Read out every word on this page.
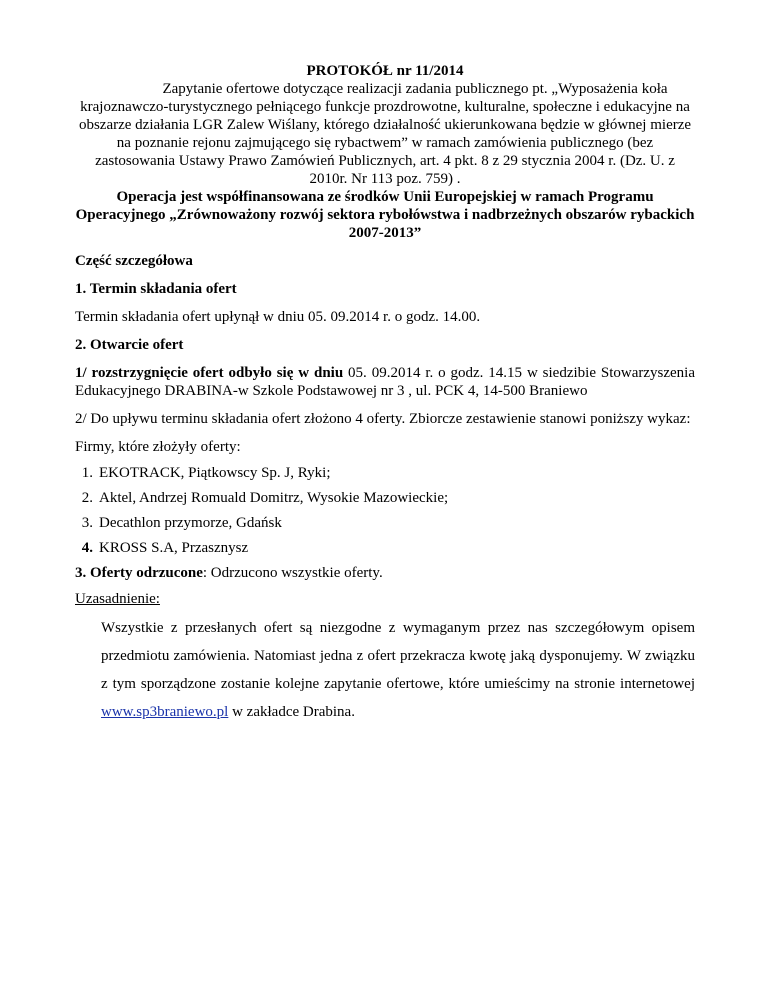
PROTOKÓŁ nr 11/2014

Zapytanie ofertowe dotyczące realizacji zadania publicznego pt. „Wyposażenia koła krajoznawczo-turystycznego pełniącego funkcje prozdrowotne, kulturalne, społeczne i edukacyjne na obszarze działania LGR Zalew Wiślany, którego działalność ukierunkowana będzie w głównej mierze na poznanie rejonu zajmującego się rybactwem” w ramach zamówienia publicznego (bez zastosowania Ustawy Prawo Zamówień Publicznych, art. 4 pkt. 8 z 29 stycznia 2004 r. (Dz. U. z 2010r. Nr 113 poz. 759) .

Operacja jest współfinansowana ze środków Unii Europejskiej w ramach Programu Operacyjnego „Zrównoważony rozwój sektora rybołówstwa i nadbrzeżnych obszarów rybackich 2007-2013”

Część szczegółowa

1. Termin składania ofert

Termin składania ofert upłynął w dniu 05. 09.2014 r. o godz. 14.00.

2. Otwarcie ofert

1/ rozstrzygnięcie ofert odbyło się w dniu 05. 09.2014 r. o godz. 14.15 w siedzibie Stowarzyszenia Edukacyjnego DRABINA-w Szkole Podstawowej nr 3 , ul. PCK 4, 14-500 Braniewo

2/ Do upływu terminu składania ofert złożono 4 oferty. Zbiorcze zestawienie stanowi poniższy wykaz:

Firmy, które złożyły oferty:

1. EKOTRACK, Piątkowscy Sp. J, Ryki;
2. Aktel, Andrzej Romuald Domitrz, Wysokie Mazowieckie;
3. Decathlon przymorze, Gdańsk
4. KROSS S.A, Przasznysz

3. Oferty odrzucone: Odrzucono wszystkie oferty.

Uzasadnienie:

Wszystkie z przesłanych ofert są niezgodne z wymaganym przez nas szczegółowym opisem przedmiotu zamówienia. Natomiast jedna z ofert przekracza kwotę jaką dysponujemy. W związku z tym sporządzone zostanie kolejne zapytanie ofertowe, które umieścimy na stronie internetowej www.sp3braniewo.pl w zakładce Drabina.
